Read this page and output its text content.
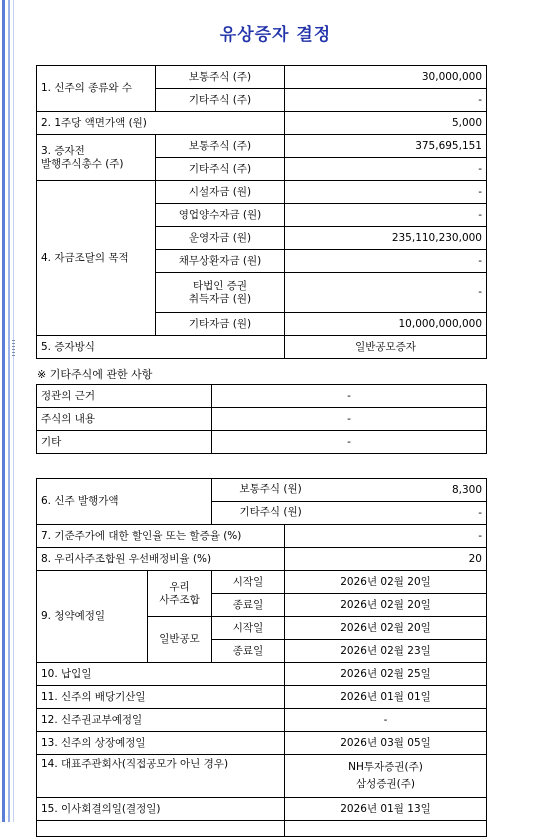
유상증자 결정
1. 신주의 종류와 수	보통주식 (주)	30,000,000
	기타주식 (주)	-
2. 1주당 액면가액 (원)		5,000
3. 증자전
발행주식총수 (주)	보통주식 (주)	375,695,151
	기타주식 (주)	-
4. 자금조달의 목적	시설자금 (원)	-
	영업양수자금 (원)	-
	운영자금 (원)	235,110,230,000
	채무상환자금 (원)	-
	타법인 증권
취득자금 (원)	-
	기타자금 (원)	10,000,000,000
5. 증자방식		일반공모증자
※ 기타주식에 관한 사항
정관의 근거	-
주식의 내용	-
기타	-
6. 신주 발행가액			보통주식 (원) 8,300

			기타주식 (원) -
7. 기준주가에 대한 할인율 또는 할증율 (%)			-
8. 우리사주조합원 우선배정비율 (%)			20
9. 청약예정일	우리
사주조합	시작일	2026년 02월 20일
		종료일	2026년 02월 20일
	일반공모	시작일	2026년 02월 20일
		종료일	2026년 02월 23일
10. 납입일			2026년 02월 25일
11. 신주의 배당기산일			2026년 01월 01일
12. 신주권교부예정일			-
13. 신주의 상장예정일			2026년 03월 05일
14. 대표주관회사(직접공모가 아닌 경우)			NH투자증권(주)
삼성증권(주)
15. 이사회결의일(결정일)			2026년 01월 13일
